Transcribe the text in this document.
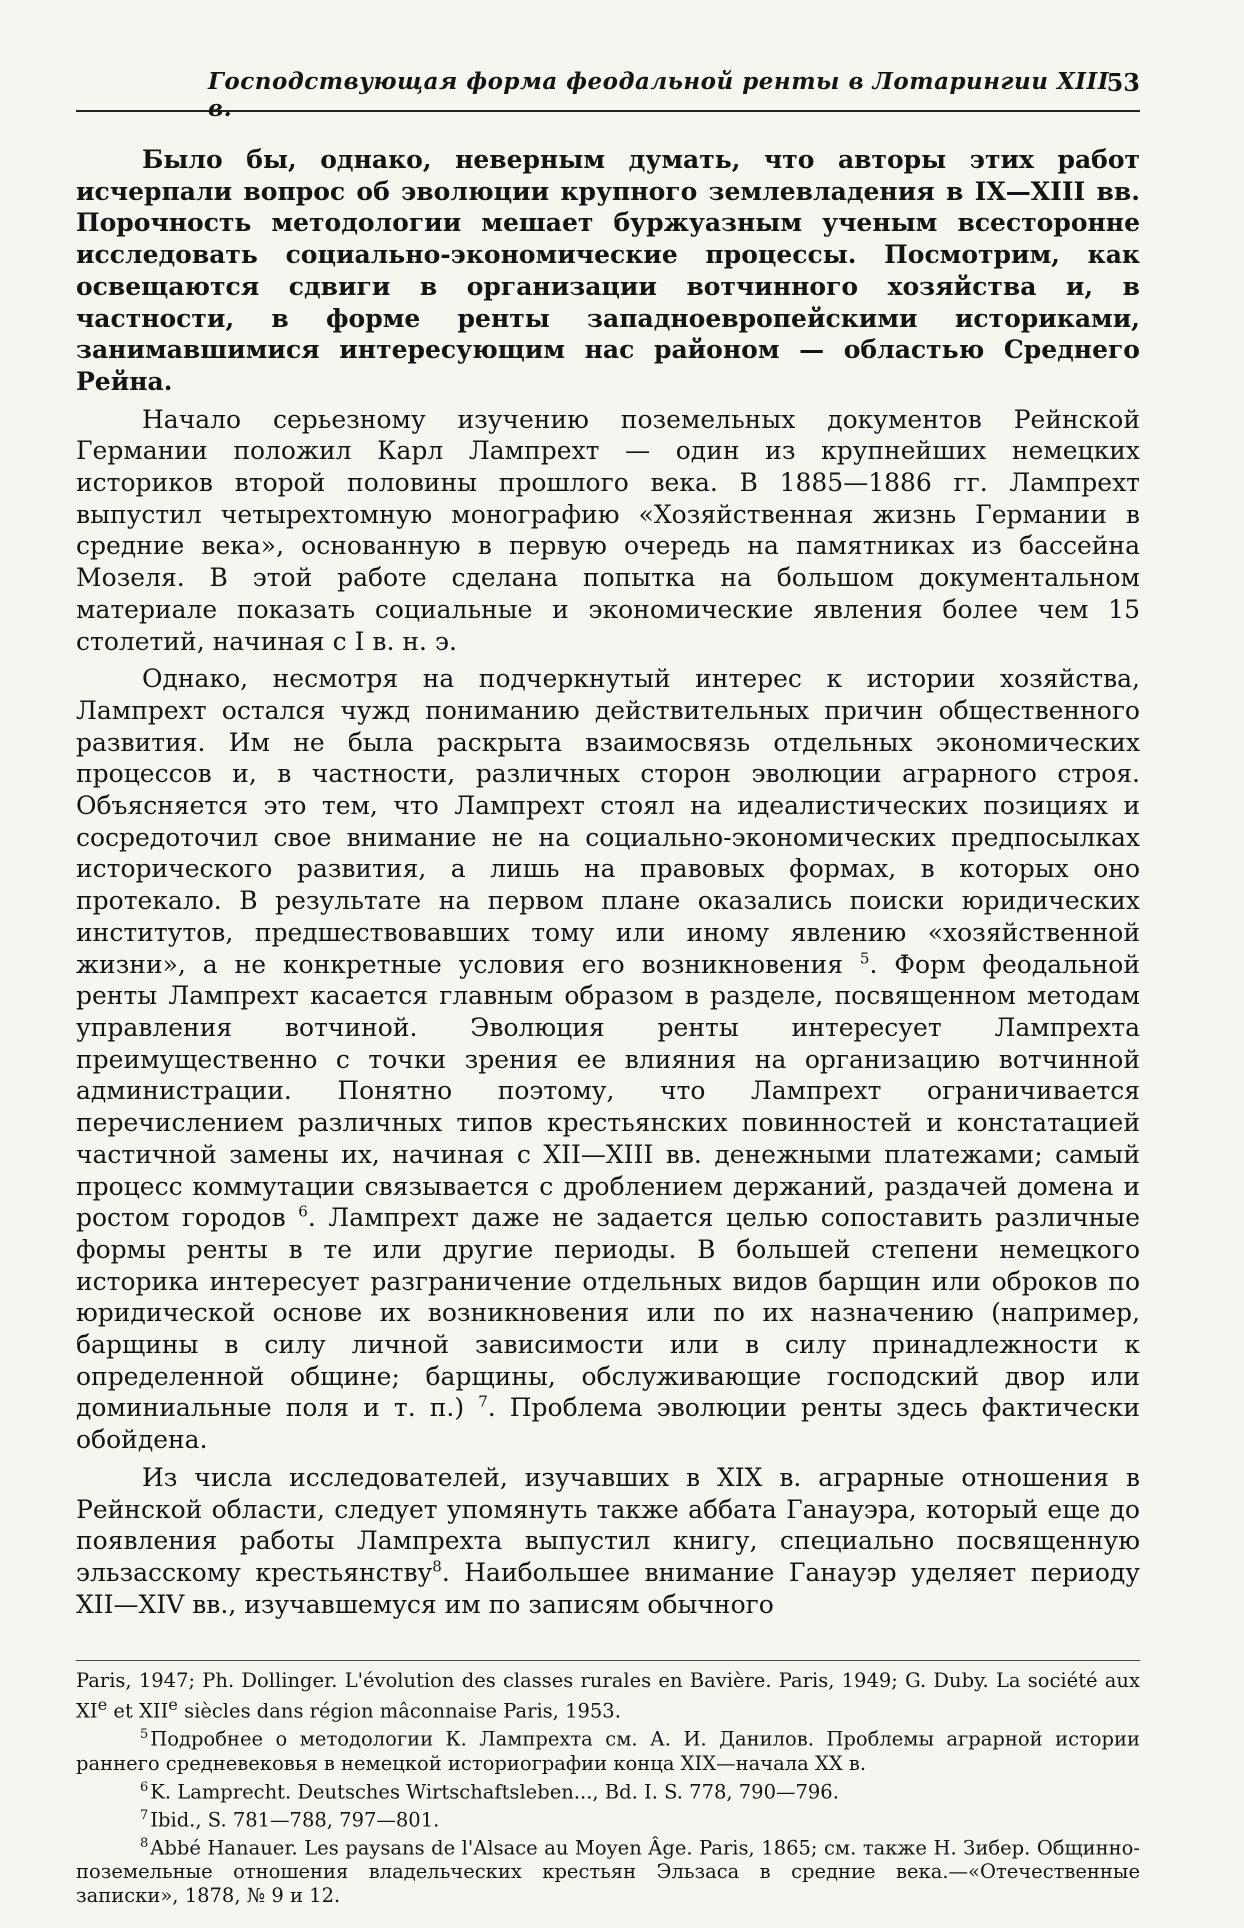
Господствующая форма феодальной ренты в Лотарингии XIII в.
53

Было бы, однако, неверным думать, что авторы этих работ исчерпали вопрос об эволюции крупного землевладения в IX—XIII вв. Порочность методологии мешает буржуазным ученым всесторонне исследовать социально-экономические процессы. Посмотрим, как освещаются сдвиги в организации вотчинного хозяйства и, в частности, в форме ренты западноевропейскими историками, занимавшимися интересующим нас районом — областью Среднего Рейна.

Начало серьезному изучению поземельных документов Рейнской Германии положил Карл Лампрехт — один из крупнейших немецких историков второй половины прошлого века. В 1885—1886 гг. Лампрехт выпустил четырехтомную монографию «Хозяйственная жизнь Германии в средние века», основанную в первую очередь на памятниках из бассейна Мозеля. В этой работе сделана попытка на большом документальном материале показать социальные и экономические явления более чем 15 столетий, начиная с I в. н. э.

Однако, несмотря на подчеркнутый интерес к истории хозяйства, Лампрехт остался чужд пониманию действительных причин общественного развития. Им не была раскрыта взаимосвязь отдельных экономических процессов и, в частности, различных сторон эволюции аграрного строя. Объясняется это тем, что Лампрехт стоял на идеалистических позициях и сосредоточил свое внимание не на социально-экономических предпосылках исторического развития, а лишь на правовых формах, в которых оно протекало. В результате на первом плане оказались поиски юридических институтов, предшествовавших тому или иному явлению «хозяйственной жизни», а не конкретные условия его возникновения $^5$. Форм феодальной ренты Лампрехт касается главным образом в разделе, посвященном методам управления вотчиной. Эволюция ренты интересует Лампрехта преимущественно с точки зрения ее влияния на организацию вотчинной администрации. Понятно поэтому, что Лампрехт ограничивается перечислением различных типов крестьянских повинностей и констатацией частичной замены их, начиная с XII—XIII вв. денежными платежами; самый процесс коммутации связывается с дроблением держаний, раздачей домена и ростом городов $^6$. Лампрехт даже не задается целью сопоставить различные формы ренты в те или другие периоды. В большей степени немецкого историка интересует разграничение отдельных видов барщин или оброков по юридической основе их возникновения или по их назначению (например, барщины в силу личной зависимости или в силу принадлежности к определенной общине; барщины, обслуживающие господский двор или доминиальные поля и т. п.) $^7$. Проблема эволюции ренты здесь фактически обойдена.

Из числа исследователей, изучавших в XIX в. аграрные отношения в Рейнской области, следует упомянуть также аббата Ганауэра, который еще до появления работы Лампрехта выпустил книгу, специально посвященную эльзасскому крестьянству$^8$. Наибольшее внимание Ганауэр уделяет периоду XII—XIV вв., изучавшемуся им по записям обычного

Paris, 1947; Ph. Dollinger. L'évolution des classes rurales en Bavière. Paris, 1949; G. Duby. La société aux XIe et XIIe siècles dans région mâconnaise Paris, 1953.

$^5$ Подробнее о методологии К. Лампрехта см. А. И. Данилов. Проблемы аграрной истории раннего средневековья в немецкой историографии конца XIX—начала XX в.

$^6$ K. Lamprecht. Deutsches Wirtschaftsleben..., Bd. I. S. 778, 790—796.

$^7$ Ibid., S. 781—788, 797—801.

$^8$ Abbé Hanauer. Les paysans de l'Alsace au Moyen Âge. Paris, 1865; см. также Н. Зибер. Общинно-поземельные отношения владельческих крестьян Эльзаса в средние века.—«Отечественные записки», 1878, № 9 и 12.
